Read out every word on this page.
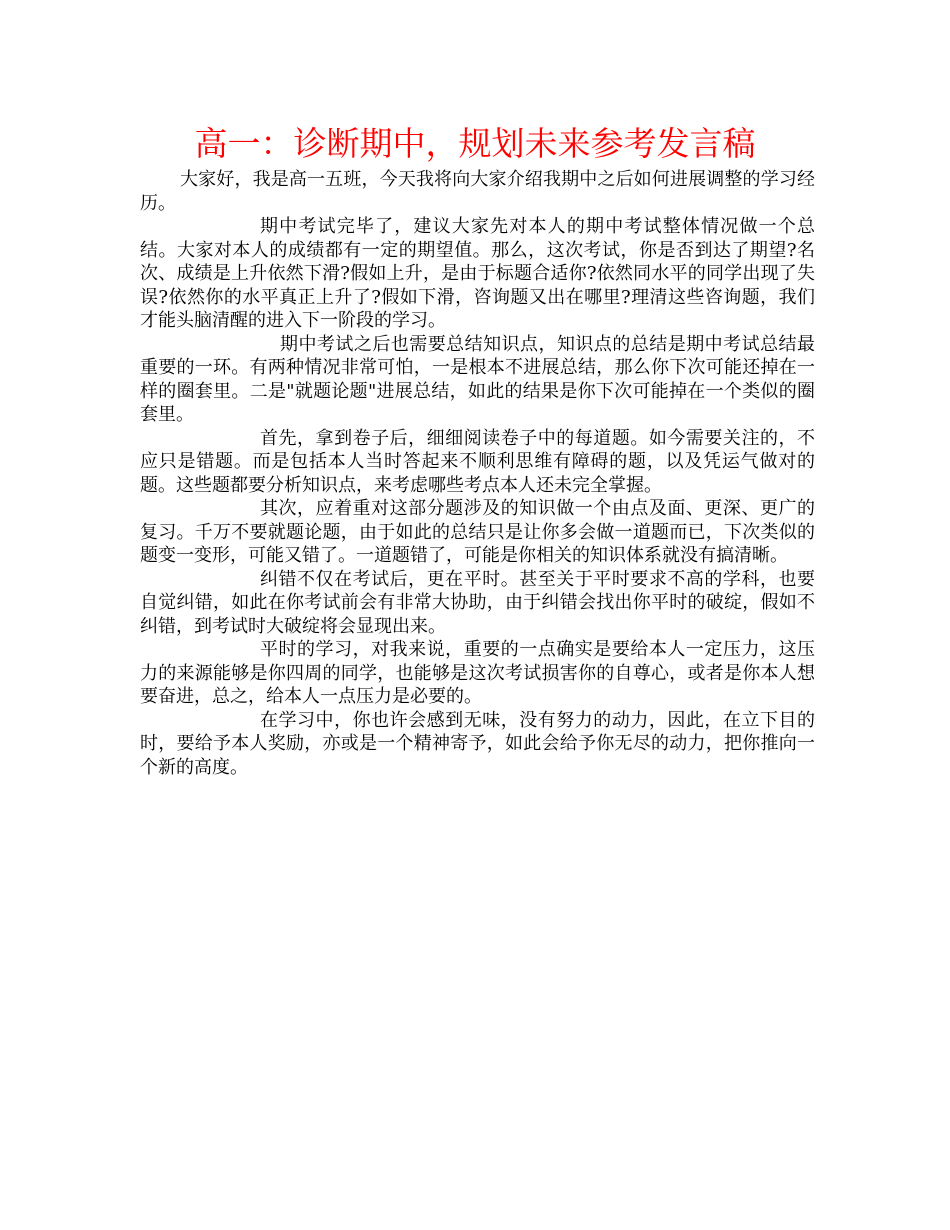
高一：诊断期中，规划未来参考发言稿

大家好，我是高一五班，今天我将向大家介绍我期中之后如何进展调整的学习经历。

期中考试完毕了，建议大家先对本人的期中考试整体情况做一个总结。大家对本人的成绩都有一定的期望值。那么，这次考试，你是否到达了期望?名次、成绩是上升依然下滑?假如上升，是由于标题合适你?依然同水平的同学出现了失误?依然你的水平真正上升了?假如下滑，咨询题又出在哪里?理清这些咨询题，我们才能头脑清醒的进入下一阶段的学习。

期中考试之后也需要总结知识点，知识点的总结是期中考试总结最重要的一环。有两种情况非常可怕，一是根本不进展总结，那么你下次可能还掉在一样的圈套里。二是"就题论题"进展总结，如此的结果是你下次可能掉在一个类似的圈套里。

首先，拿到卷子后，细细阅读卷子中的每道题。如今需要关注的，不应只是错题。而是包括本人当时答起来不顺利思维有障碍的题，以及凭运气做对的题。这些题都要分析知识点，来考虑哪些考点本人还未完全掌握。

其次，应着重对这部分题涉及的知识做一个由点及面、更深、更广的复习。千万不要就题论题，由于如此的总结只是让你多会做一道题而已，下次类似的题变一变形，可能又错了。一道题错了，可能是你相关的知识体系就没有搞清晰。

纠错不仅在考试后，更在平时。甚至关于平时要求不高的学科，也要自觉纠错，如此在你考试前会有非常大协助，由于纠错会找出你平时的破绽，假如不纠错，到考试时大破绽将会显现出来。

平时的学习，对我来说，重要的一点确实是要给本人一定压力，这压力的来源能够是你四周的同学，也能够是这次考试损害你的自尊心，或者是你本人想要奋进，总之，给本人一点压力是必要的。

在学习中，你也许会感到无味，没有努力的动力，因此，在立下目的时，要给予本人奖励，亦或是一个精神寄予，如此会给予你无尽的动力，把你推向一个新的高度。
